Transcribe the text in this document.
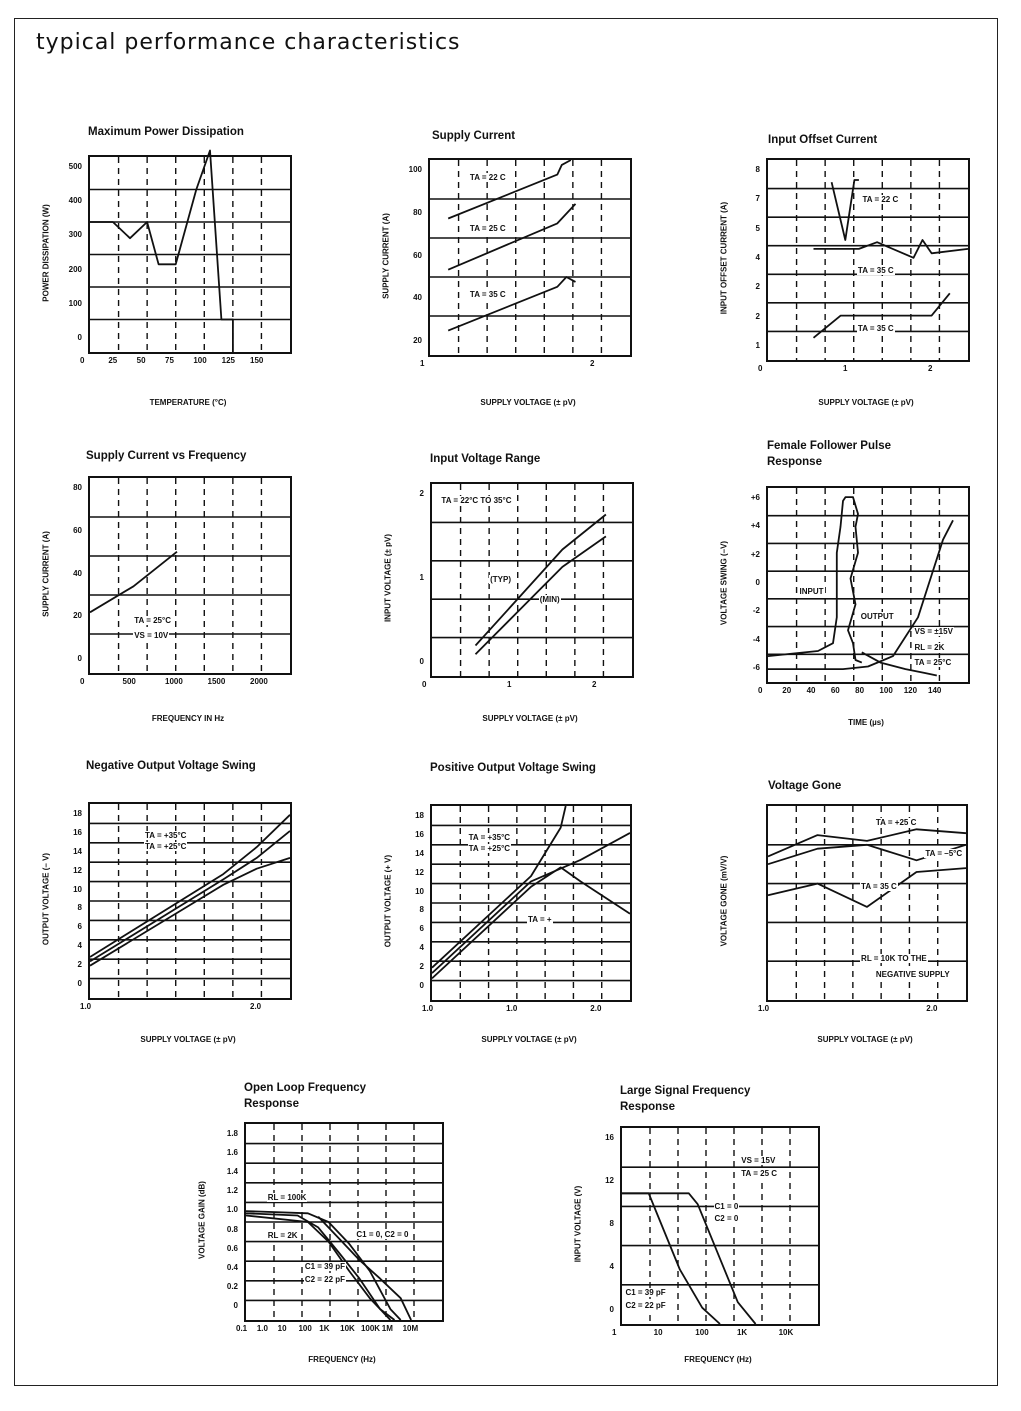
typical performance characteristics
Maximum Power Dissipation
0
100
200
300
400
500
0	25 50 75 100 125 150
TEMPERATURE (°C)
POWER DISSIPATION (W)
Supply Current
TA = 22 C
TA = 25 C
TA = 35 C
20
40
60
80
100
1	2
SUPPLY VOLTAGE (± pV)
SUPPLY CURRENT (A)
Input Offset Current
TA = 22 C
TA = 35 C
TA = 35 C
1
2
2
4
5
7
8
0	1	2
SUPPLY VOLTAGE (± pV)
INPUT OFFSET CURRENT (A)
Supply Current vs Frequency
TA = 25°C
VS = 10V
0
20
40
60
80
0	500	1000	1500	2000
FREQUENCY IN Hz
SUPPLY CURRENT (A)
Input Voltage Range
TA = 22°C TO 35°C
(TYP)
(MIN)
0
1
2
0	1	2
SUPPLY VOLTAGE (± pV)
INPUT VOLTAGE (± pV)
Female Follower Pulse Response
INPUT
OUTPUT
VS = ±15V
RL = 2K
TA = 25°C
-6
-4
-2
0
+2
+4
+6
0 20 40 60 80 100 120 140
TIME (µs)
VOLTAGE SWING (–V)
Negative Output Voltage Swing
TA = +35°C
TA = +25°C
0
2
4
6
8
10
12
14
16
18
1.0	2.0
SUPPLY VOLTAGE (± pV)
OUTPUT VOLTAGE (– V)
Positive Output Voltage Swing
TA = +35°C
TA = +25°C
TA = +
0
2
4
6
8
10
12
14
16
18
1.0	1.0	2.0
SUPPLY VOLTAGE (± pV)
OUTPUT VOLTAGE (+ V)
Voltage Gone
TA = +25 C
TA = –5°C
TA = 35 C
RL = 10K TO THE
NEGATIVE SUPPLY
1.0	2.0
SUPPLY VOLTAGE (± pV)
VOLTAGE GONE (mV/V)
Open Loop Frequency Response
RL = 100K
RL = 2K	C1 = 0, C2 = 0
C1 = 39 pF
C2 = 22 pF
0
0.2
0.4
0.6
0.8
1.0
1.2
1.4
1.6
1.8
0.1 1.0 10 100 1K 10K 100K 1M 10M
FREQUENCY (Hz)
VOLTAGE GAIN (dB)
Large Signal Frequency Response
VS = 15V
TA = 25 C
C1 = 0
C2 = 0
C1 = 39 pF
C2 = 22 pF
0
4
8
12
16
1	10	100	1K	10K
FREQUENCY (Hz)
INPUT VOLTAGE (V)
